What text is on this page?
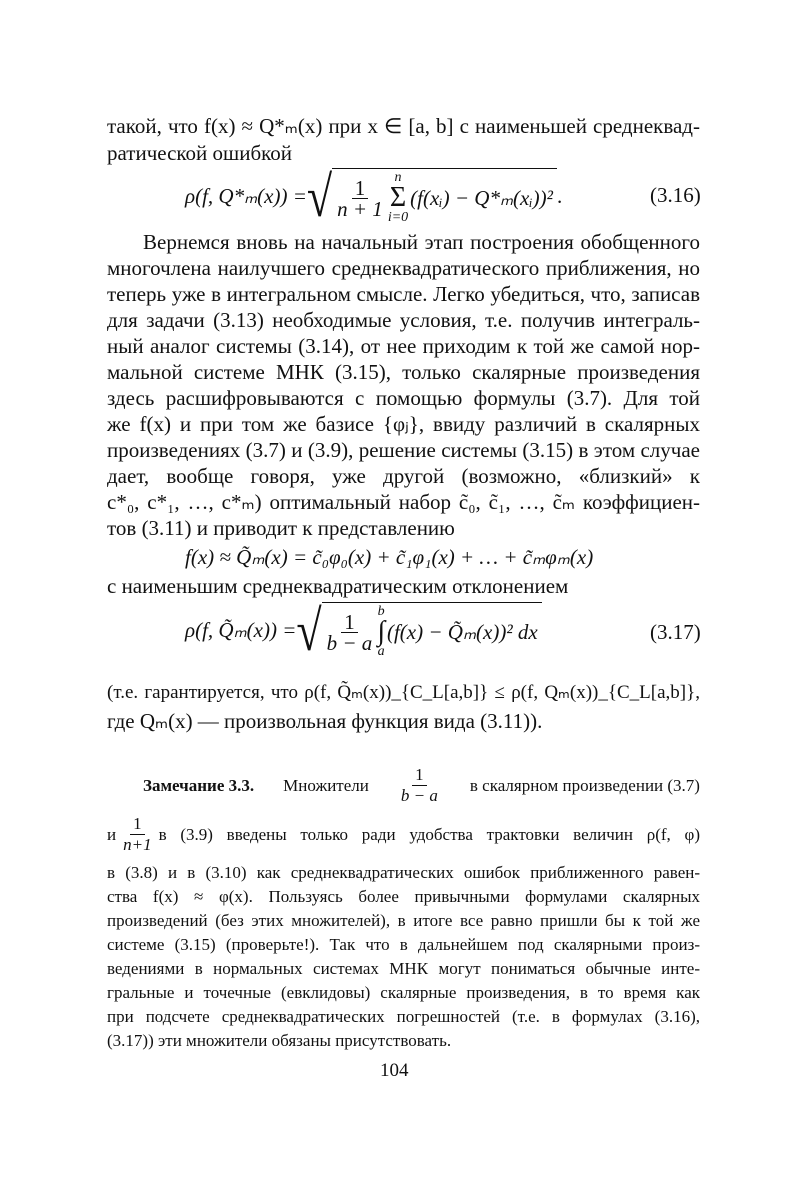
такой, что f(x) ≈ Q*ₘ(x) при x ∈ [a, b] с наименьшей среднеквад-
ратической ошибкой
ρ(f, Q*ₘ(x)) = √ $\frac{1}{n + 1}$ n
Σ
i=0
(f(xᵢ) − Q*ₘ(xᵢ))² .	(3.16)
Вернемся вновь на начальный этап построения обобщенного
многочлена наилучшего среднеквадратического приближения, но
теперь уже в интегральном смысле. Легко убедиться, что, записав
для задачи (3.13) необходимые условия, т.е. получив интеграль-
ный аналог системы (3.14), от нее приходим к той же самой нор-
мальной системе МНК (3.15), только скалярные произведения
здесь расшифровываются с помощью формулы (3.7). Для той
же f(x) и при том же базисе {φⱼ}, ввиду различий в скалярных
произведениях (3.7) и (3.9), решение системы (3.15) в этом случае
дает, вообще говоря, уже другой (возможно, «близкий» к
c*₀, c*₁, …, c*ₘ) оптимальный набор c̃₀, c̃₁, …, c̃ₘ коэффициен-
тов (3.11) и приводит к представлению
f(x) ≈ Q̃ₘ(x) = c̃₀φ₀(x) + c̃₁φ₁(x) + … + c̃ₘφₘ(x)
с наименьшим среднеквадратическим отклонением
ρ(f, Q̃ₘ(x)) = √ $\frac{1}{b - a}$ b
∫
a
(f(x) − Q̃ₘ(x))² dx	(3.17)
(т.е. гарантируется, что ρ(f, Q̃ₘ(x))_{C_L[a,b]} ≤ ρ(f, Qₘ(x))_{C_L[a,b]},
где Qₘ(x) — произвольная функция вида (3.11)).
Замечание 3.3. Множители $\frac{1}{b - a}$ в скалярном произведении (3.7)
и $\frac{1}{n+1}$ в (3.9) введены только ради удобства трактовки величин ρ(f, φ)
в (3.8) и в (3.10) как среднеквадратических ошибок приближенного равен-
ства f(x) ≈ φ(x). Пользуясь более привычными формулами скалярных
произведений (без этих множителей), в итоге все равно пришли бы к той же
системе (3.15) (проверьте!). Так что в дальнейшем под скалярными произ-
ведениями в нормальных системах МНК могут пониматься обычные инте-
гральные и точечные (евклидовы) скалярные произведения, в то время как
при подсчете среднеквадратических погрешностей (т.е. в формулах (3.16),
(3.17)) эти множители обязаны присутствовать.
104
